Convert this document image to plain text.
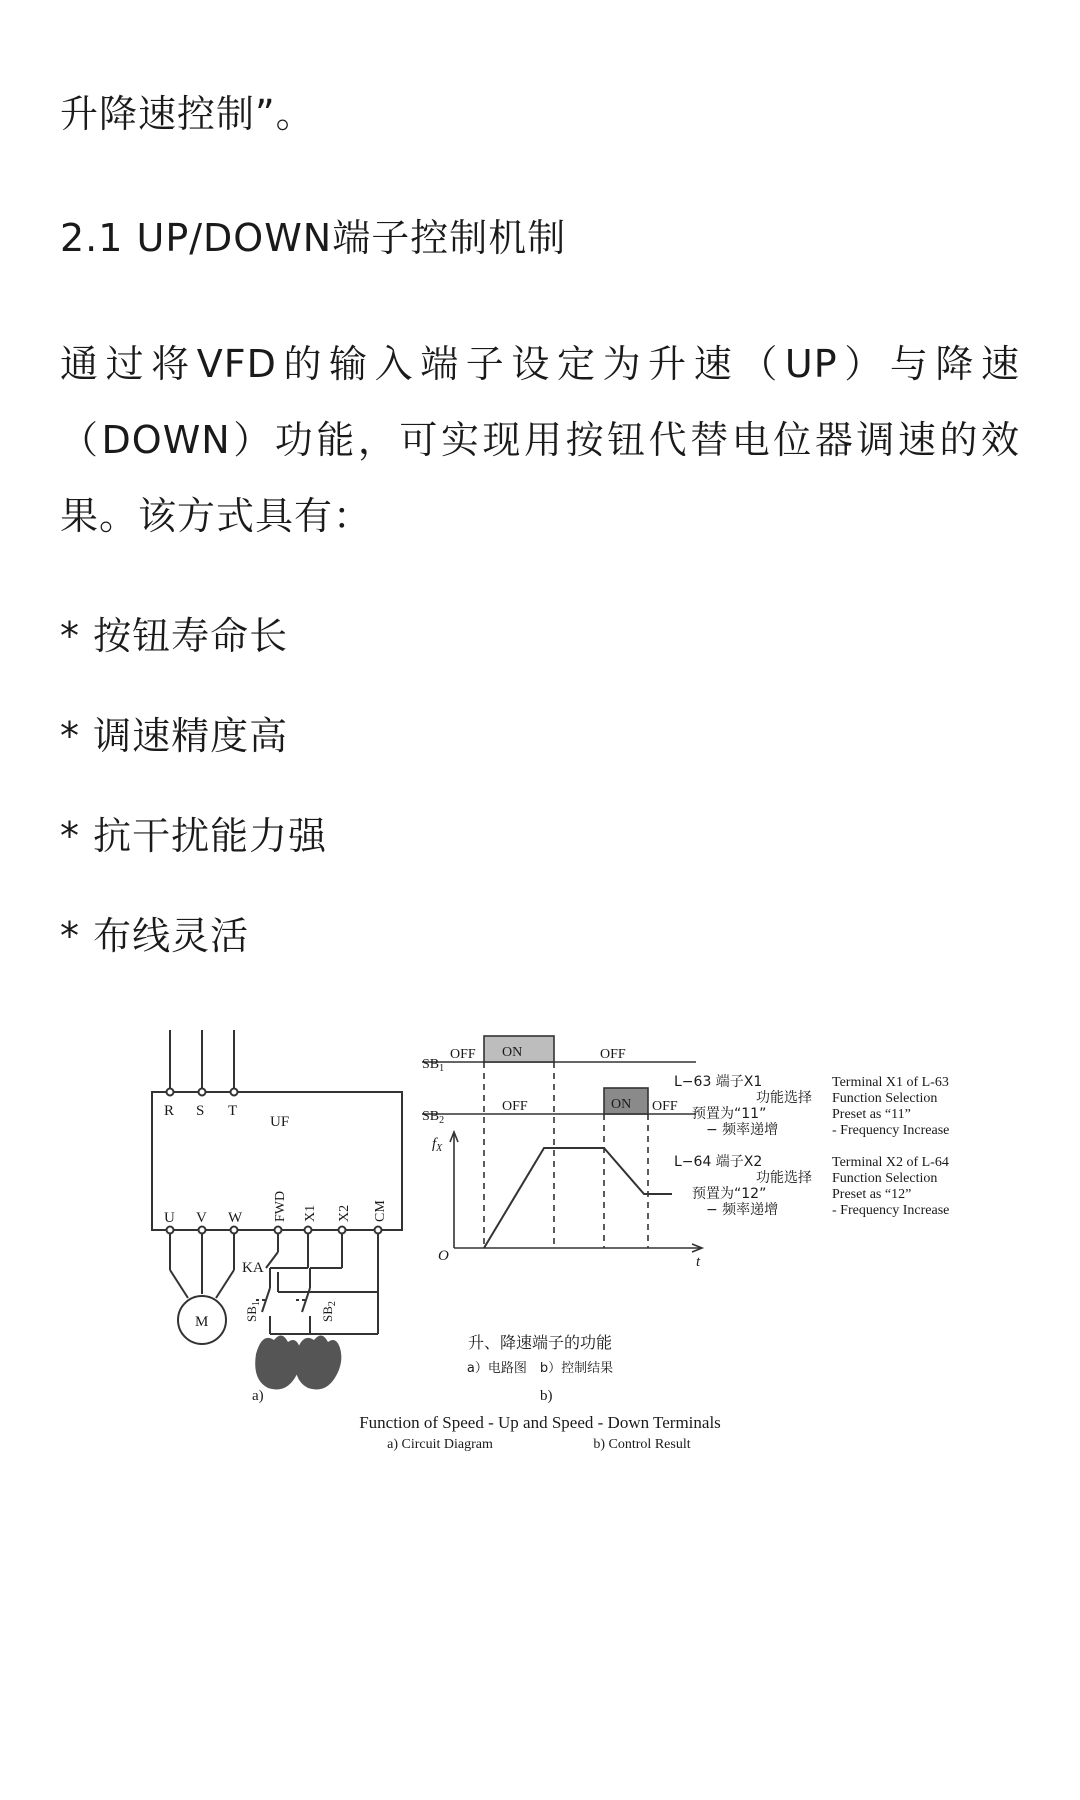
升降速控制”。

2.1 UP/DOWN端子控制机制

通过将VFD的输入端子设定为升速（UP）与降速（DOWN）功能，可实现用按钮代替电位器调速的效果。该方式具有：

* 按钮寿命长

* 调速精度高

* 抗干扰能力强

* 布线灵活

R S T
UF
U V W FWD X1 X2 CM
KA
M	$SB_1$
$SB_2$
a)
$SB_1$
OFF ON	OFF
$SB_2$
OFF	ON OFF
$f_X$
O	t
b)
L−63 端子X1
功能选择
预置为“11”
− 频率递增
Terminal X1 of L-63
Function Selection
Preset as “11”
- Frequency Increase
L−64 端子X2
功能选择
预置为“12”
− 频率递增
Terminal X2 of L-64
Function Selection
Preset as “12”
- Frequency Increase
升、降速端子的功能
a）电路图　b）控制结果
Function of Speed - Up and Speed - Down Terminals
a) Circuit Diagram	b) Control Result
